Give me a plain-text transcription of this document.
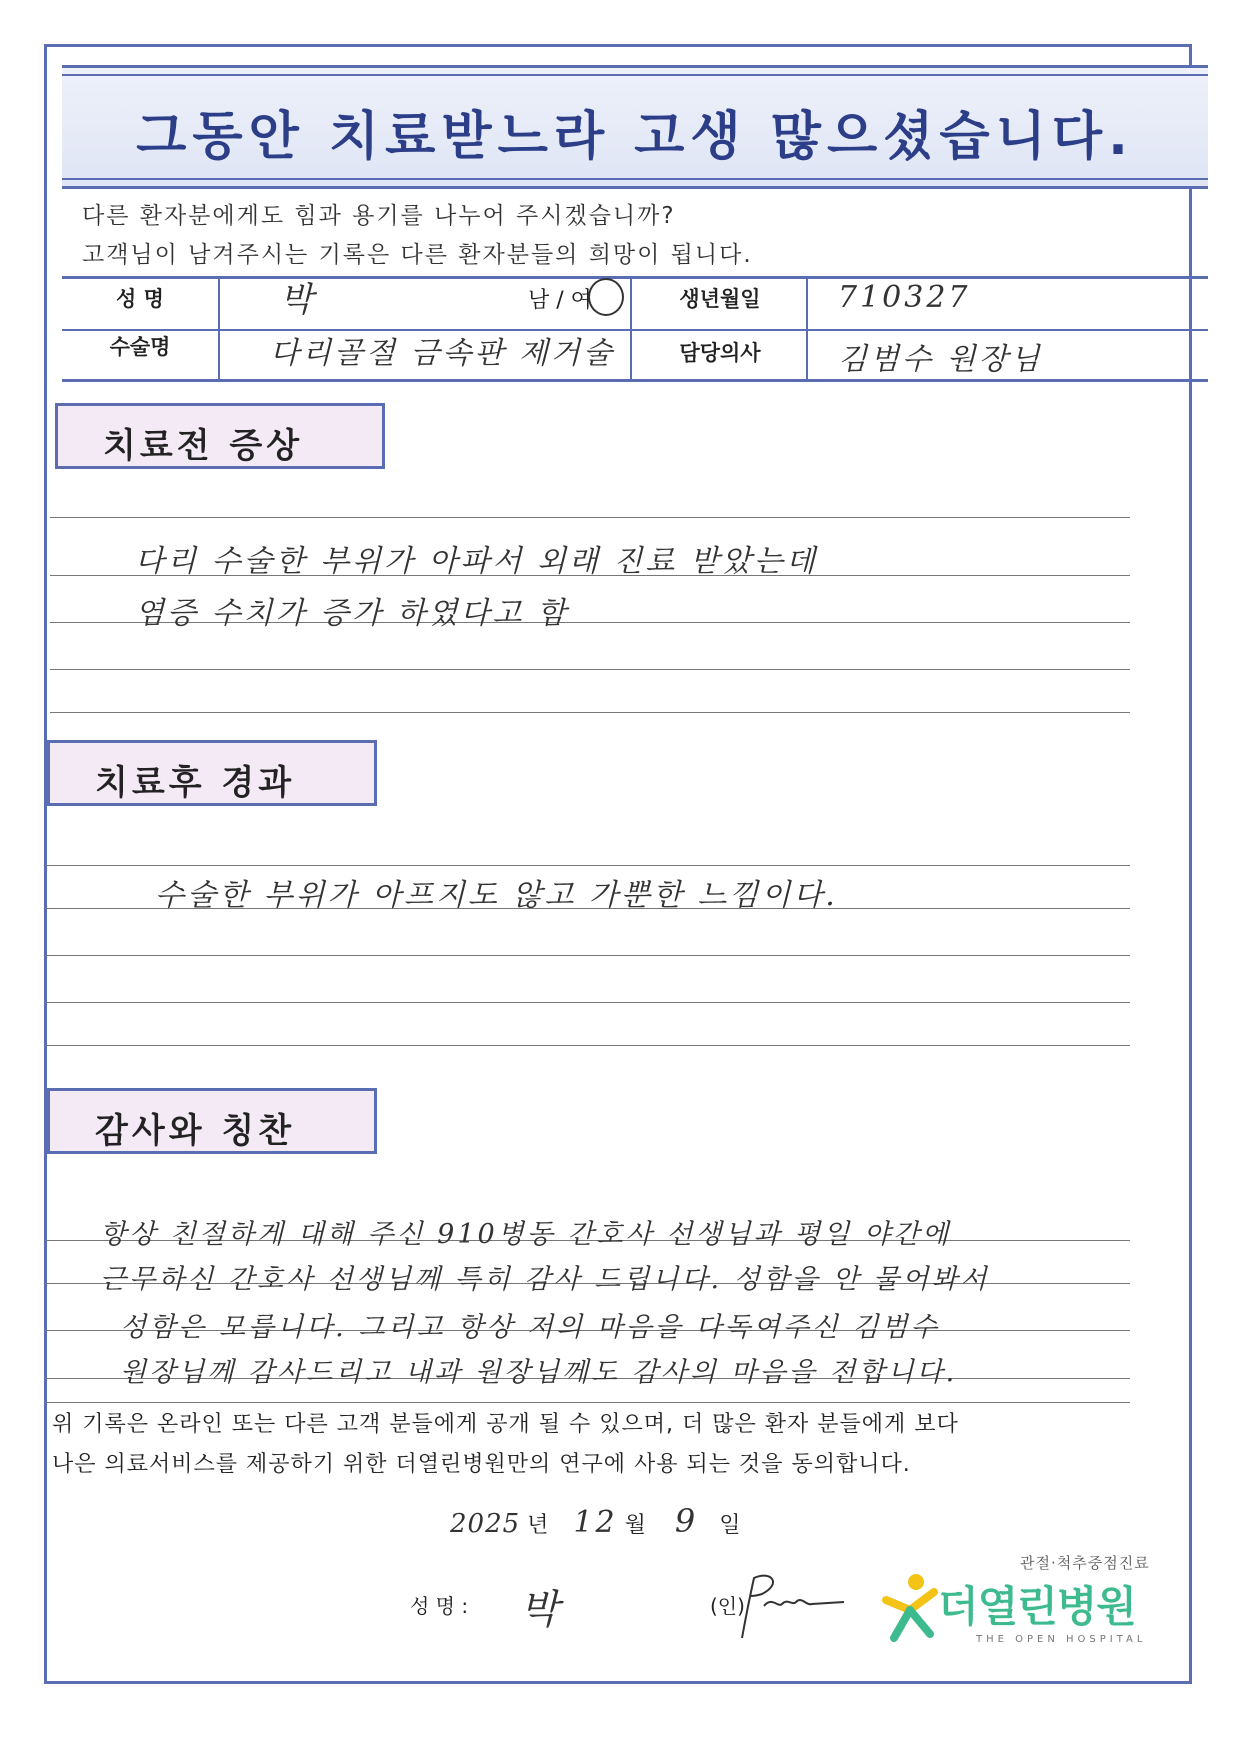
그동안 치료받느라 고생 많으셨습니다.
다른 환자분에게도 힘과 용기를 나누어 주시겠습니까?
고객님이 남겨주시는 기록은 다른 환자분들의 희망이 됩니다.
성 명	박	남 / 여	생년월일	710327
수술명	다리골절 금속판 제거술	담당의사	김범수 원장님
치료전 증상
다리 수술한 부위가 아파서 외래 진료 받았는데
염증 수치가 증가 하였다고 함
치료후 경과
수술한 부위가 아프지도 않고 가뿐한 느낌이다.
감사와 칭찬
항상 친절하게 대해 주신 910병동 간호사 선생님과 평일 야간에
근무하신 간호사 선생님께 특히 감사 드립니다. 성함을 안 물어봐서
성함은 모릅니다. 그리고 항상 저의 마음을 다독여주신 김범수
원장님께 감사드리고 내과 원장님께도 감사의 마음을 전합니다.
위 기록은 온라인 또는 다른 고객 분들에게 공개 될 수 있으며, 더 많은 환자 분들에게 보다
나은 의료서비스를 제공하기 위한 더열린병원만의 연구에 사용 되는 것을 동의합니다.
2025 년 12 월 9 일
성 명 : 박	(인)
관절·척추중점진료
더열린병원
THE OPEN HOSPITAL
